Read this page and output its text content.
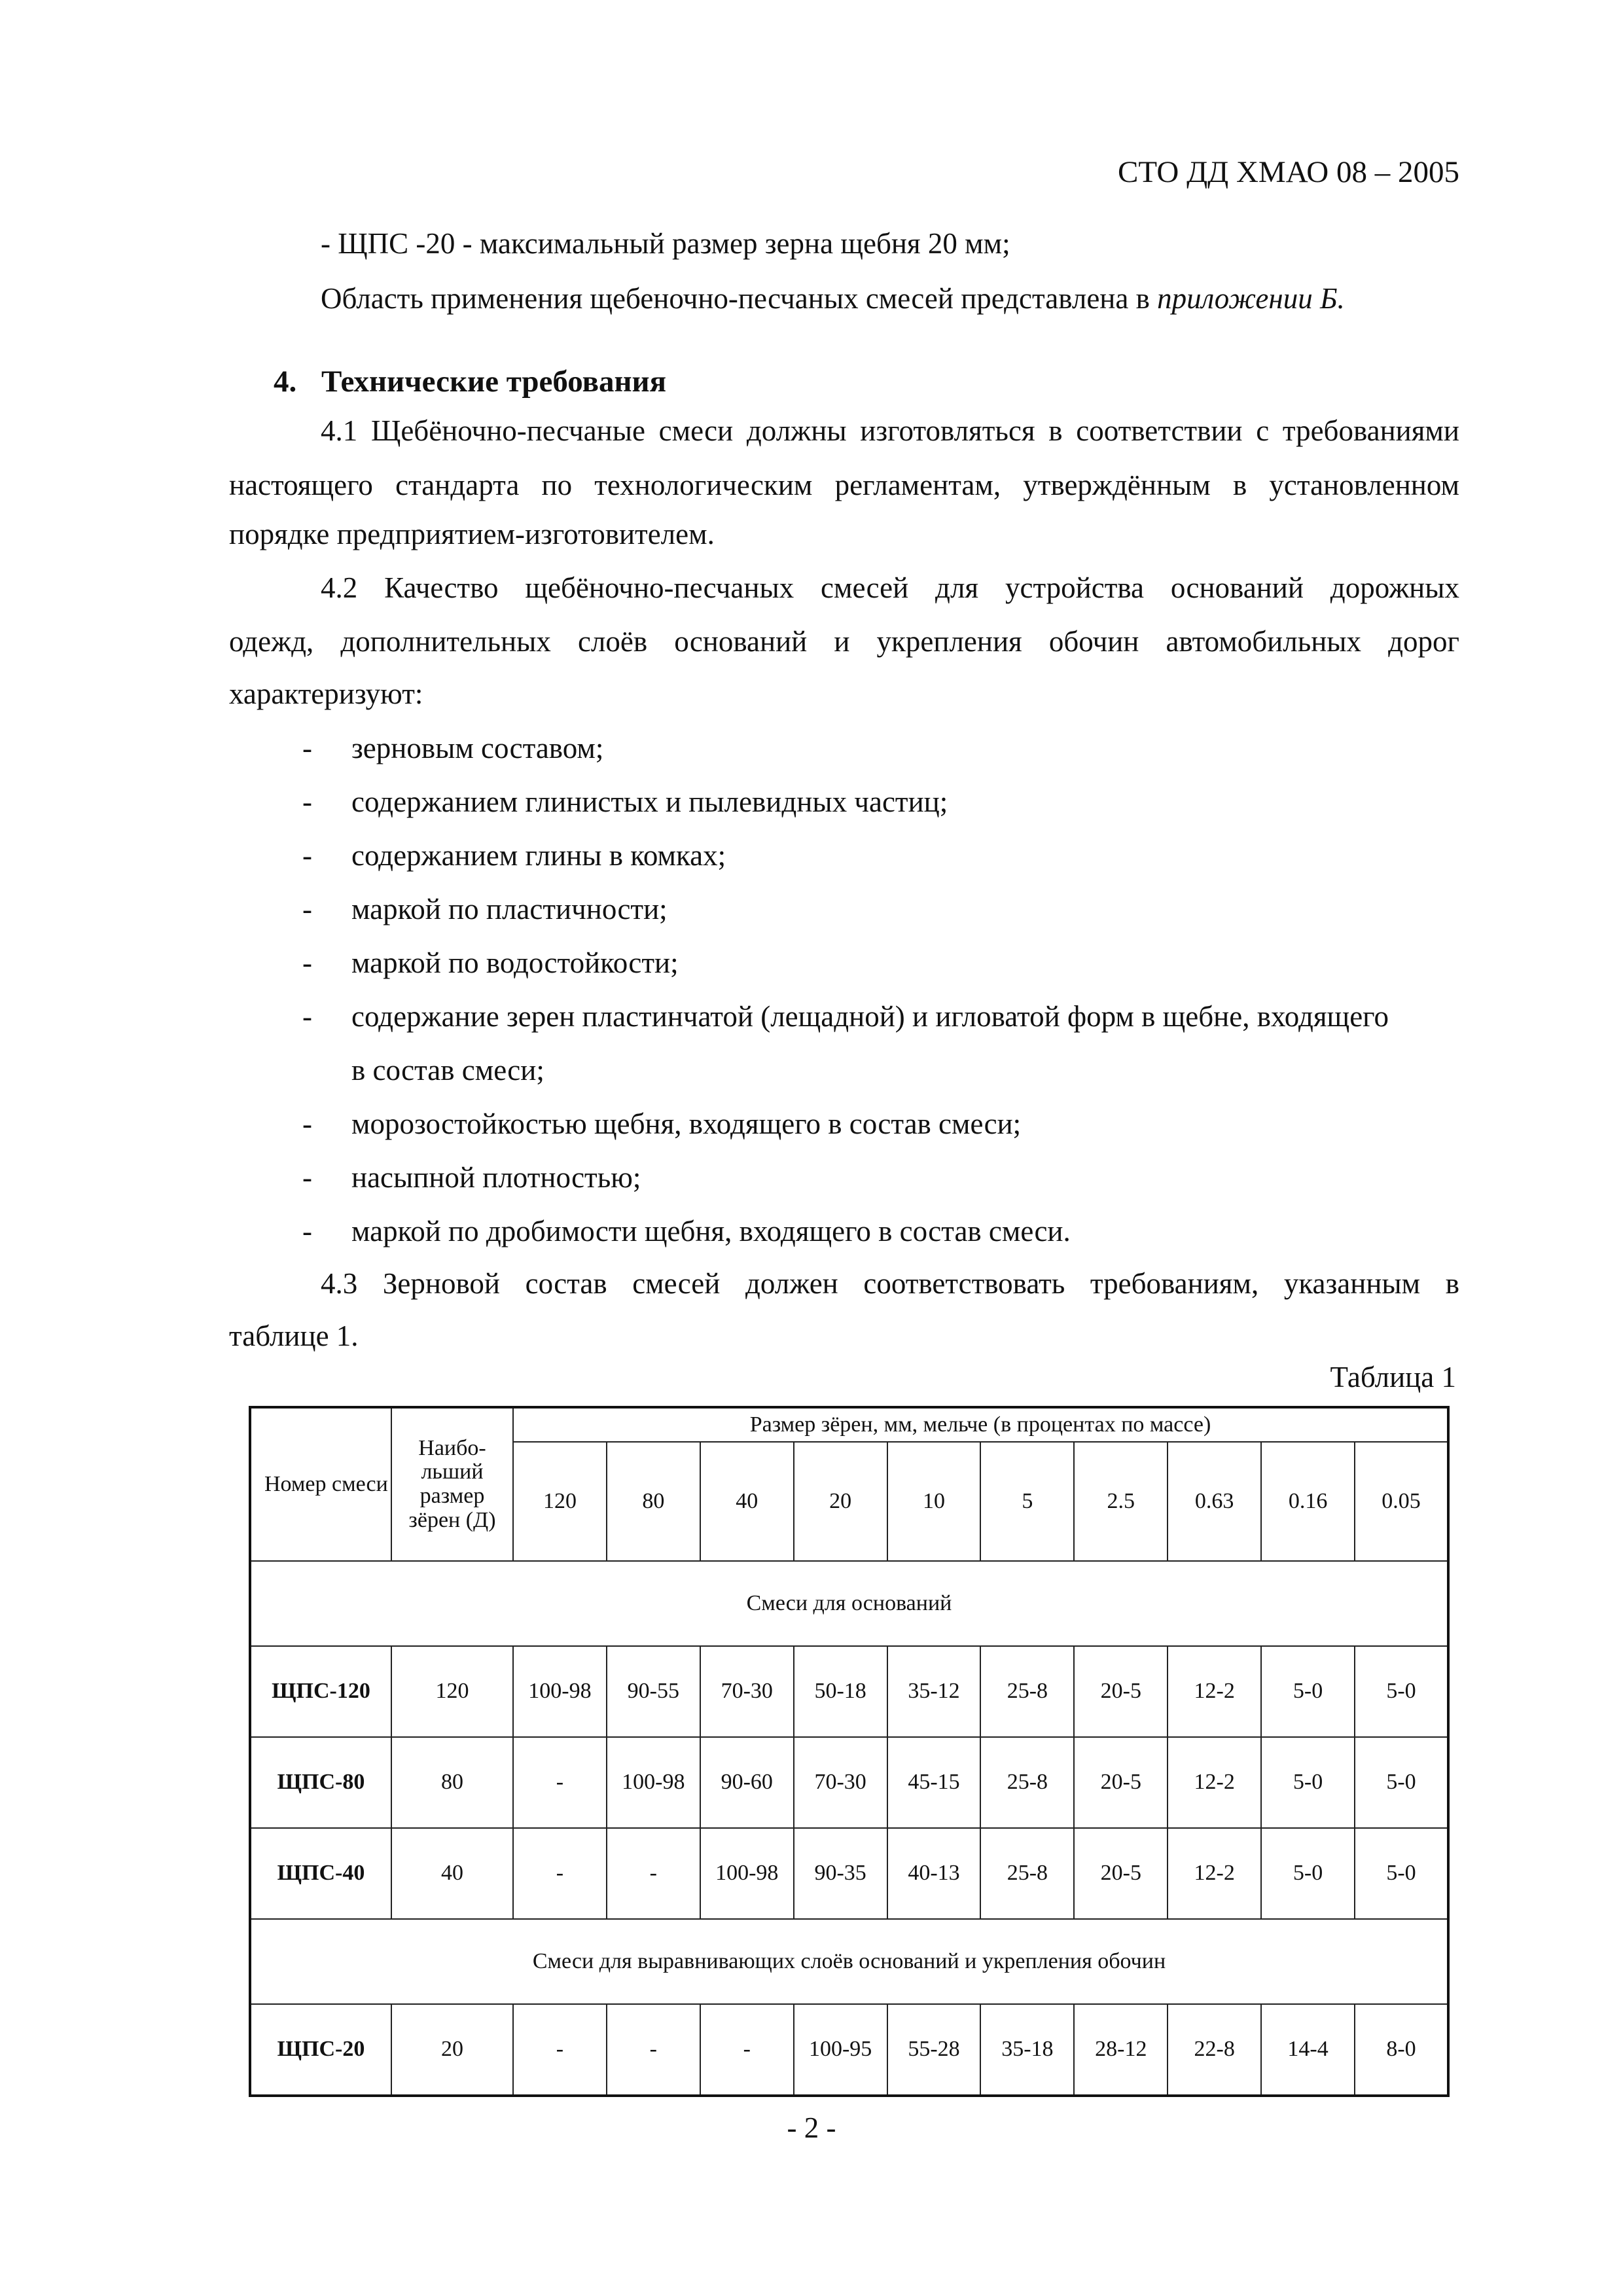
СТО ДД ХМАО 08 – 2005
- ЩПС -20 - максимальный размер зерна щебня 20 мм;
Область применения щебеночно-песчаных смесей представлена в приложении Б.
4. Технические требования
4.1 Щебёночно-песчаные смеси должны изготовляться в соответствии с требованиями
настоящего стандарта по технологическим регламентам, утверждённым в установленном
порядке предприятием-изготовителем.
4.2 Качество щебёночно-песчаных смесей для устройства оснований дорожных
одежд, дополнительных слоёв оснований и укрепления обочин автомобильных дорог
характеризуют:
- зерновым составом;
- содержанием глинистых и пылевидных частиц;
- содержанием глины в комках;
- маркой по пластичности;
- маркой по водостойкости;
- содержание зерен пластинчатой (лещадной) и игловатой форм в щебне, входящего
в состав смеси;
- морозостойкостью щебня, входящего в состав смеси;
- насыпной плотностью;
- маркой по дробимости щебня, входящего в состав смеси.
4.3 Зерновой состав смесей должен соответствовать требованиям, указанным в
таблице 1.
Таблица 1
Номер смеси	Наибо-льший размер зёрен (Д)	Размер зёрен, мм, мельче (в процентах по массе)									
		120	80	40	20	10	5	2.5	0.63	0.16	0.05
Смеси для оснований											
ЩПС-120	120	100-98	90-55	70-30	50-18	35-12	25-8	20-5	12-2	5-0	5-0
ЩПС-80	80	-	100-98	90-60	70-30	45-15	25-8	20-5	12-2	5-0	5-0
ЩПС-40	40	-	-	100-98	90-35	40-13	25-8	20-5	12-2	5-0	5-0
Смеси для выравнивающих слоёв оснований и укрепления обочин											
ЩПС-20	20	-	-	-	100-95	55-28	35-18	28-12	22-8	14-4	8-0
- 2 -
